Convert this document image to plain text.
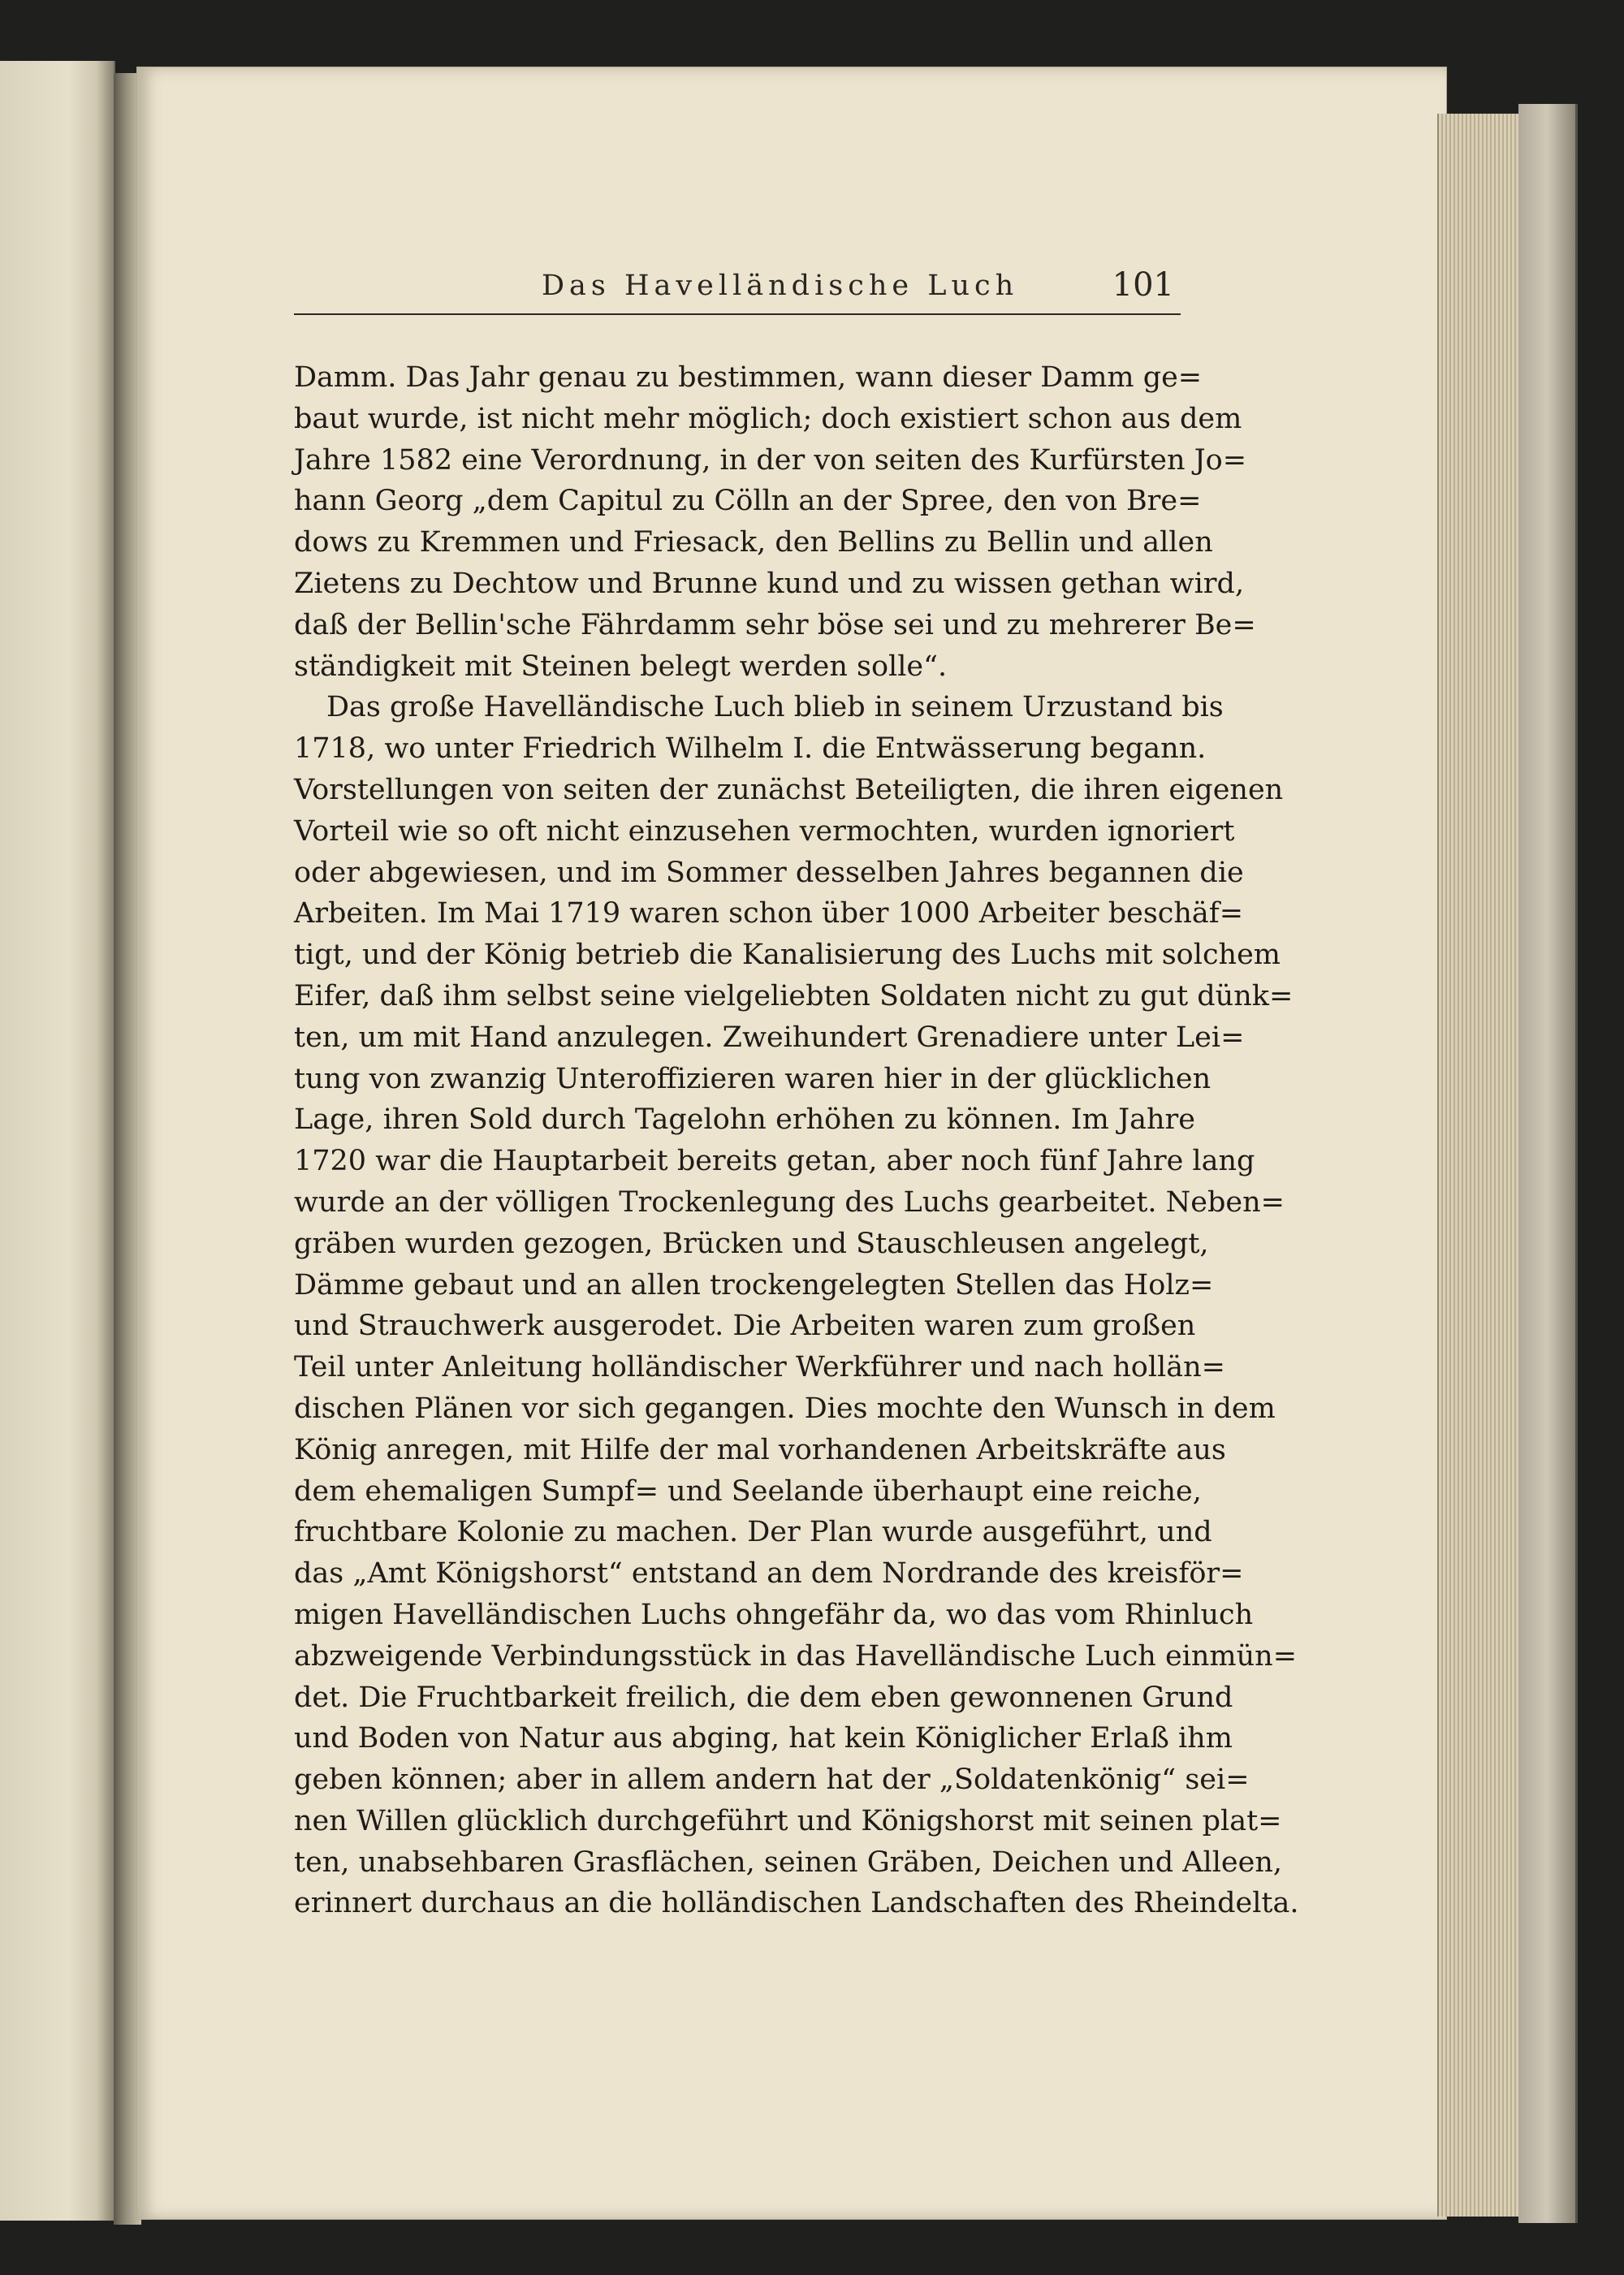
Das Havelländische Luch	101
Damm. Das Jahr genau zu bestimmen, wann dieser Damm ge=
baut wurde, ist nicht mehr möglich; doch existiert schon aus dem
Jahre 1582 eine Verordnung, in der von seiten des Kurfürsten Jo=
hann Georg „dem Capitul zu Cölln an der Spree, den von Bre=
dows zu Kremmen und Friesack, den Bellins zu Bellin und allen
Zietens zu Dechtow und Brunne kund und zu wissen gethan wird,
daß der Bellin'sche Fährdamm sehr böse sei und zu mehrerer Be=
ständigkeit mit Steinen belegt werden solle“.
Das große Havelländische Luch blieb in seinem Urzustand bis
1718, wo unter Friedrich Wilhelm I. die Entwässerung begann.
Vorstellungen von seiten der zunächst Beteiligten, die ihren eigenen
Vorteil wie so oft nicht einzusehen vermochten, wurden ignoriert
oder abgewiesen, und im Sommer desselben Jahres begannen die
Arbeiten. Im Mai 1719 waren schon über 1000 Arbeiter beschäf=
tigt, und der König betrieb die Kanalisierung des Luchs mit solchem
Eifer, daß ihm selbst seine vielgeliebten Soldaten nicht zu gut dünk=
ten, um mit Hand anzulegen. Zweihundert Grenadiere unter Lei=
tung von zwanzig Unteroffizieren waren hier in der glücklichen
Lage, ihren Sold durch Tagelohn erhöhen zu können. Im Jahre
1720 war die Hauptarbeit bereits getan, aber noch fünf Jahre lang
wurde an der völligen Trockenlegung des Luchs gearbeitet. Neben=
gräben wurden gezogen, Brücken und Stauschleusen angelegt,
Dämme gebaut und an allen trockengelegten Stellen das Holz=
und Strauchwerk ausgerodet. Die Arbeiten waren zum großen
Teil unter Anleitung holländischer Werkführer und nach hollän=
dischen Plänen vor sich gegangen. Dies mochte den Wunsch in dem
König anregen, mit Hilfe der mal vorhandenen Arbeitskräfte aus
dem ehemaligen Sumpf= und Seelande überhaupt eine reiche,
fruchtbare Kolonie zu machen. Der Plan wurde ausgeführt, und
das „Amt Königshorst“ entstand an dem Nordrande des kreisför=
migen Havelländischen Luchs ohngefähr da, wo das vom Rhinluch
abzweigende Verbindungsstück in das Havelländische Luch einmün=
det. Die Fruchtbarkeit freilich, die dem eben gewonnenen Grund
und Boden von Natur aus abging, hat kein Königlicher Erlaß ihm
geben können; aber in allem andern hat der „Soldatenkönig“ sei=
nen Willen glücklich durchgeführt und Königshorst mit seinen plat=
ten, unabsehbaren Grasflächen, seinen Gräben, Deichen und Alleen,
erinnert durchaus an die holländischen Landschaften des Rheindelta.
